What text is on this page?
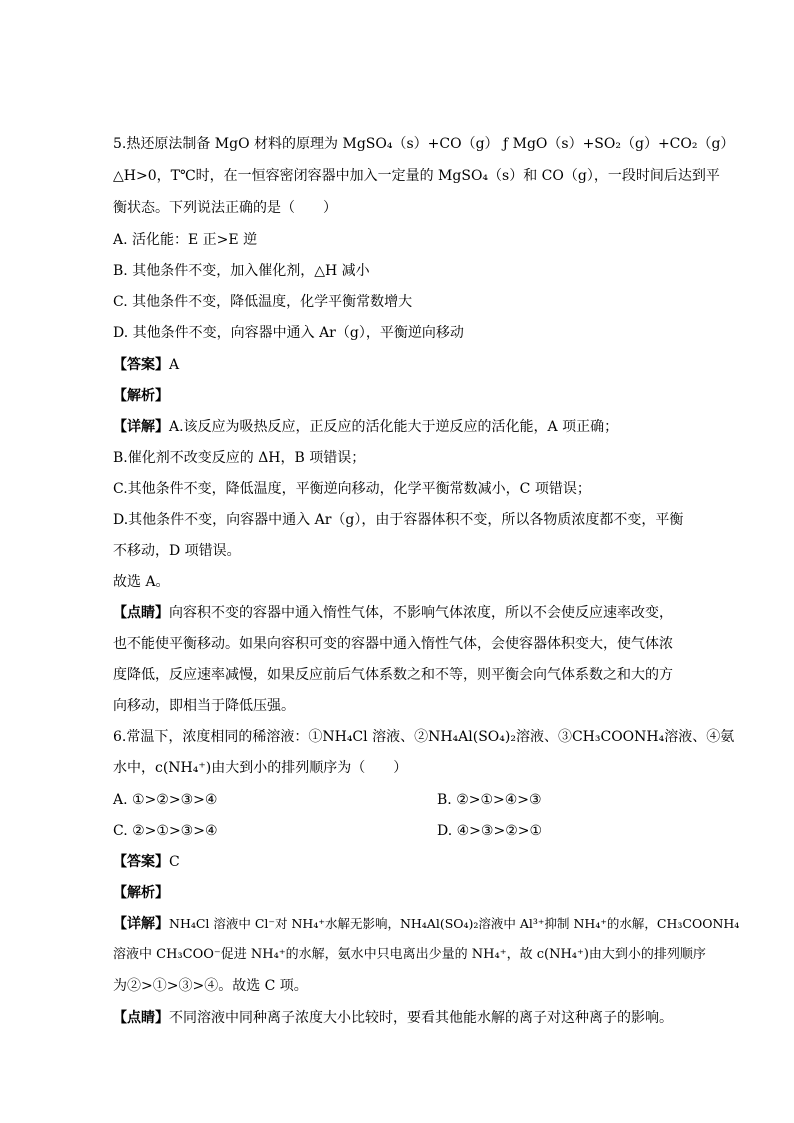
5.热还原法制备 MgO 材料的原理为 MgSO₄（s）+CO（g） ƒ MgO（s）+SO₂（g）+CO₂（g）
△H>0，T℃时，在一恒容密闭容器中加入一定量的 MgSO₄（s）和 CO（g），一段时间后达到平
衡状态。下列说法正确的是（　　）
A. 活化能：E 正>E 逆
B. 其他条件不变，加入催化剂，△H 减小
C. 其他条件不变，降低温度，化学平衡常数增大
D. 其他条件不变，向容器中通入 Ar（g），平衡逆向移动
【答案】A
【解析】
【详解】A.该反应为吸热反应，正反应的活化能大于逆反应的活化能，A 项正确；
B.催化剂不改变反应的 ΔH，B 项错误；
C.其他条件不变，降低温度，平衡逆向移动，化学平衡常数减小，C 项错误；
D.其他条件不变，向容器中通入 Ar（g），由于容器体积不变，所以各物质浓度都不变，平衡
不移动，D 项错误。
故选 A。
【点睛】向容积不变的容器中通入惰性气体，不影响气体浓度，所以不会使反应速率改变，
也不能使平衡移动。如果向容积可变的容器中通入惰性气体，会使容器体积变大，使气体浓
度降低，反应速率减慢，如果反应前后气体系数之和不等，则平衡会向气体系数之和大的方
向移动，即相当于降低压强。
6.常温下，浓度相同的稀溶液：①NH₄Cl 溶液、②NH₄Al(SO₄)₂溶液、③CH₃COONH₄溶液、④氨
水中，c(NH₄⁺)由大到小的排列顺序为（　　）
A. ①>②>③>④	B. ②>①>④>③
C. ②>①>③>④	D. ④>③>②>①
【答案】C
【解析】
【详解】NH₄Cl 溶液中 Cl⁻对 NH₄⁺水解无影响，NH₄Al(SO₄)₂溶液中 Al³⁺抑制 NH₄⁺的水解，CH₃COONH₄
溶液中 CH₃COO⁻促进 NH₄⁺的水解，氨水中只电离出少量的 NH₄⁺，故 c(NH₄⁺)由大到小的排列顺序
为②>①>③>④。故选 C 项。
【点睛】不同溶液中同种离子浓度大小比较时，要看其他能水解的离子对这种离子的影响。
